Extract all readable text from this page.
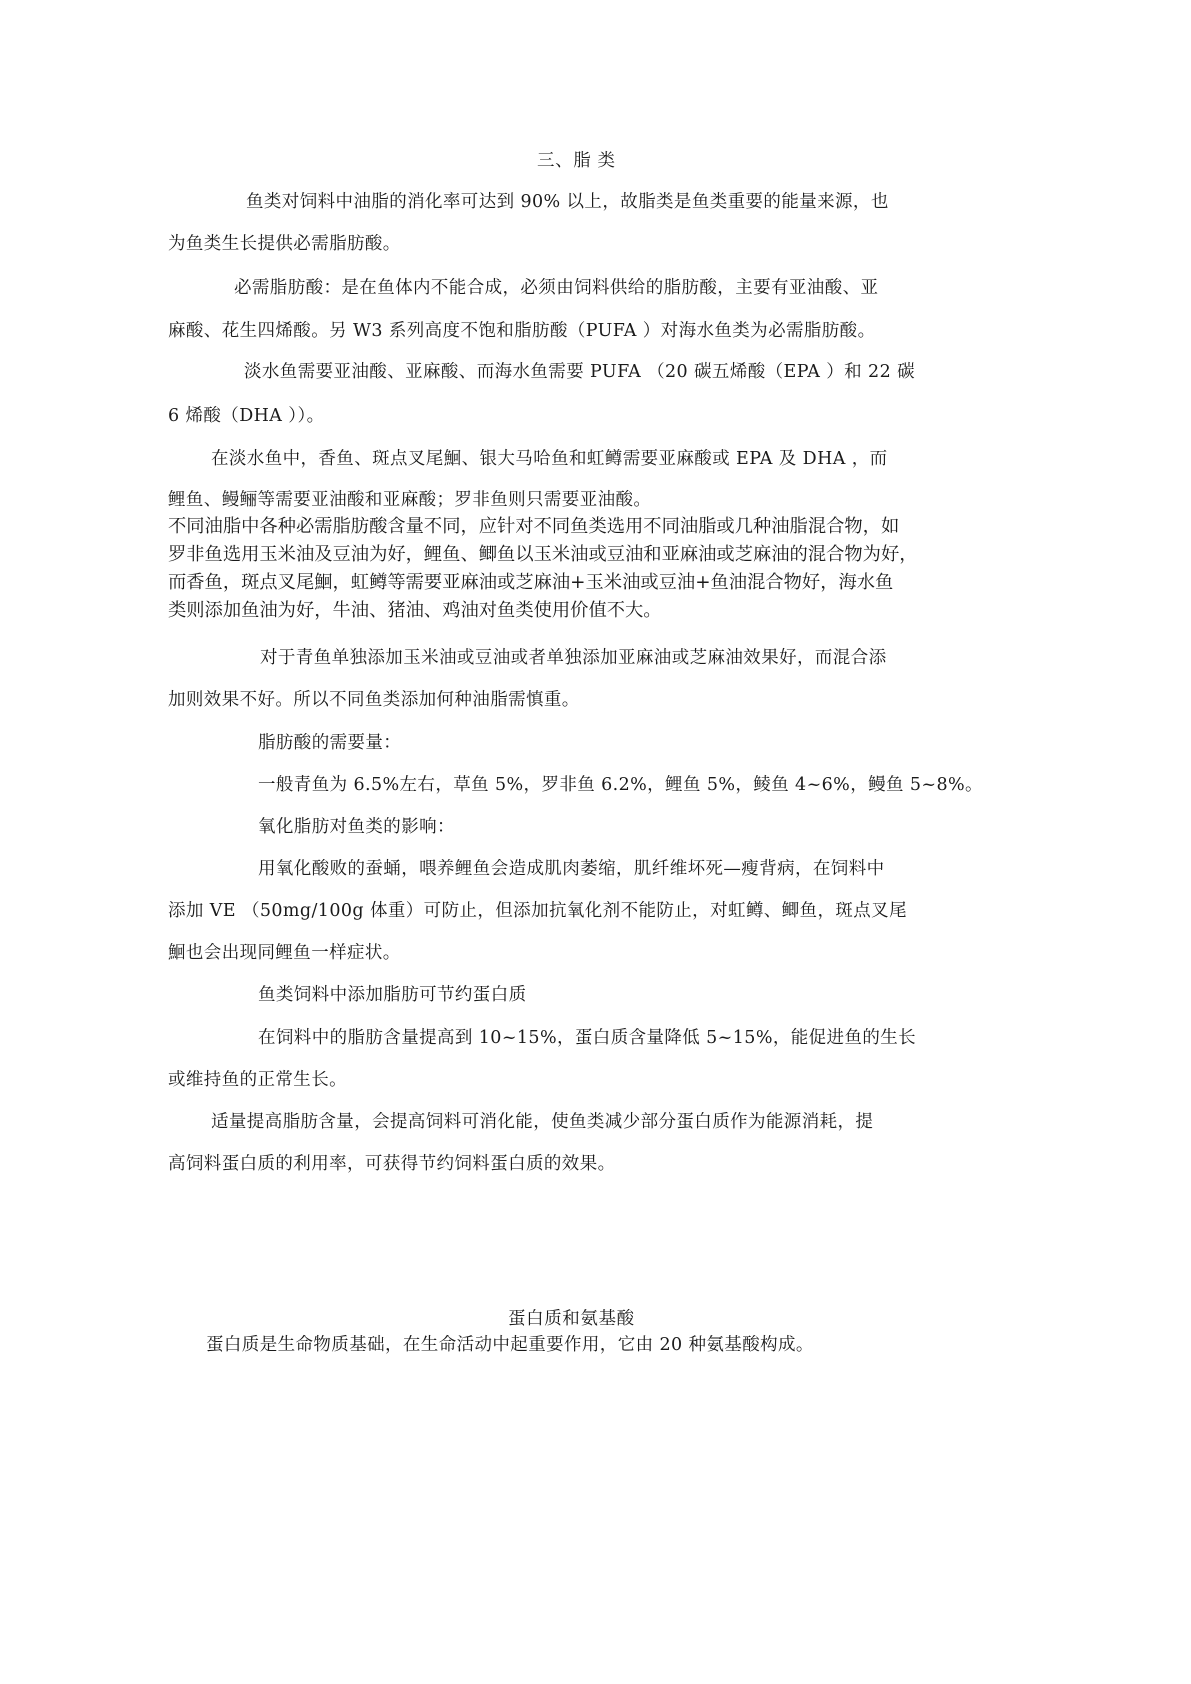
三、脂 类
鱼类对饲料中油脂的消化率可达到 90% 以上，故脂类是鱼类重要的能量来源，也
为鱼类生长提供必需脂肪酸。
必需脂肪酸：是在鱼体内不能合成，必须由饲料供给的脂肪酸，主要有亚油酸、亚
麻酸、花生四烯酸。另 W3 系列高度不饱和脂肪酸（PUFA ）对海水鱼类为必需脂肪酸。
淡水鱼需要亚油酸、亚麻酸、而海水鱼需要 PUFA （20 碳五烯酸（EPA ）和 22 碳
6 烯酸（DHA ））。
在淡水鱼中，香鱼、斑点叉尾鮰、银大马哈鱼和虹鳟需要亚麻酸或 EPA 及 DHA ，而
鲤鱼、鳗鲡等需要亚油酸和亚麻酸；罗非鱼则只需要亚油酸。
不同油脂中各种必需脂肪酸含量不同，应针对不同鱼类选用不同油脂或几种油脂混合物，如
罗非鱼选用玉米油及豆油为好，鲤鱼、鲫鱼以玉米油或豆油和亚麻油或芝麻油的混合物为好，
而香鱼，斑点叉尾鮰，虹鳟等需要亚麻油或芝麻油+玉米油或豆油+鱼油混合物好，海水鱼
类则添加鱼油为好，牛油、猪油、鸡油对鱼类使用价值不大。
对于青鱼单独添加玉米油或豆油或者单独添加亚麻油或芝麻油效果好，而混合添
加则效果不好。所以不同鱼类添加何种油脂需慎重。
脂肪酸的需要量：
一般青鱼为 6.5%左右，草鱼 5%，罗非鱼 6.2%，鲤鱼 5%，鲮鱼 4~6%，鳗鱼 5~8%。
氧化脂肪对鱼类的影响：
用氧化酸败的蚕蛹，喂养鲤鱼会造成肌肉萎缩，肌纤维坏死—瘦背病，在饲料中
添加 VE （50mg/100g 体重）可防止，但添加抗氧化剂不能防止，对虹鳟、鲫鱼，斑点叉尾
鮰也会出现同鲤鱼一样症状。
鱼类饲料中添加脂肪可节约蛋白质
在饲料中的脂肪含量提高到 10~15%，蛋白质含量降低 5~15%，能促进鱼的生长
或维持鱼的正常生长。
适量提高脂肪含量，会提高饲料可消化能，使鱼类减少部分蛋白质作为能源消耗，提
高饲料蛋白质的利用率，可获得节约饲料蛋白质的效果。
蛋白质和氨基酸
蛋白质是生命物质基础，在生命活动中起重要作用，它由 20 种氨基酸构成。
